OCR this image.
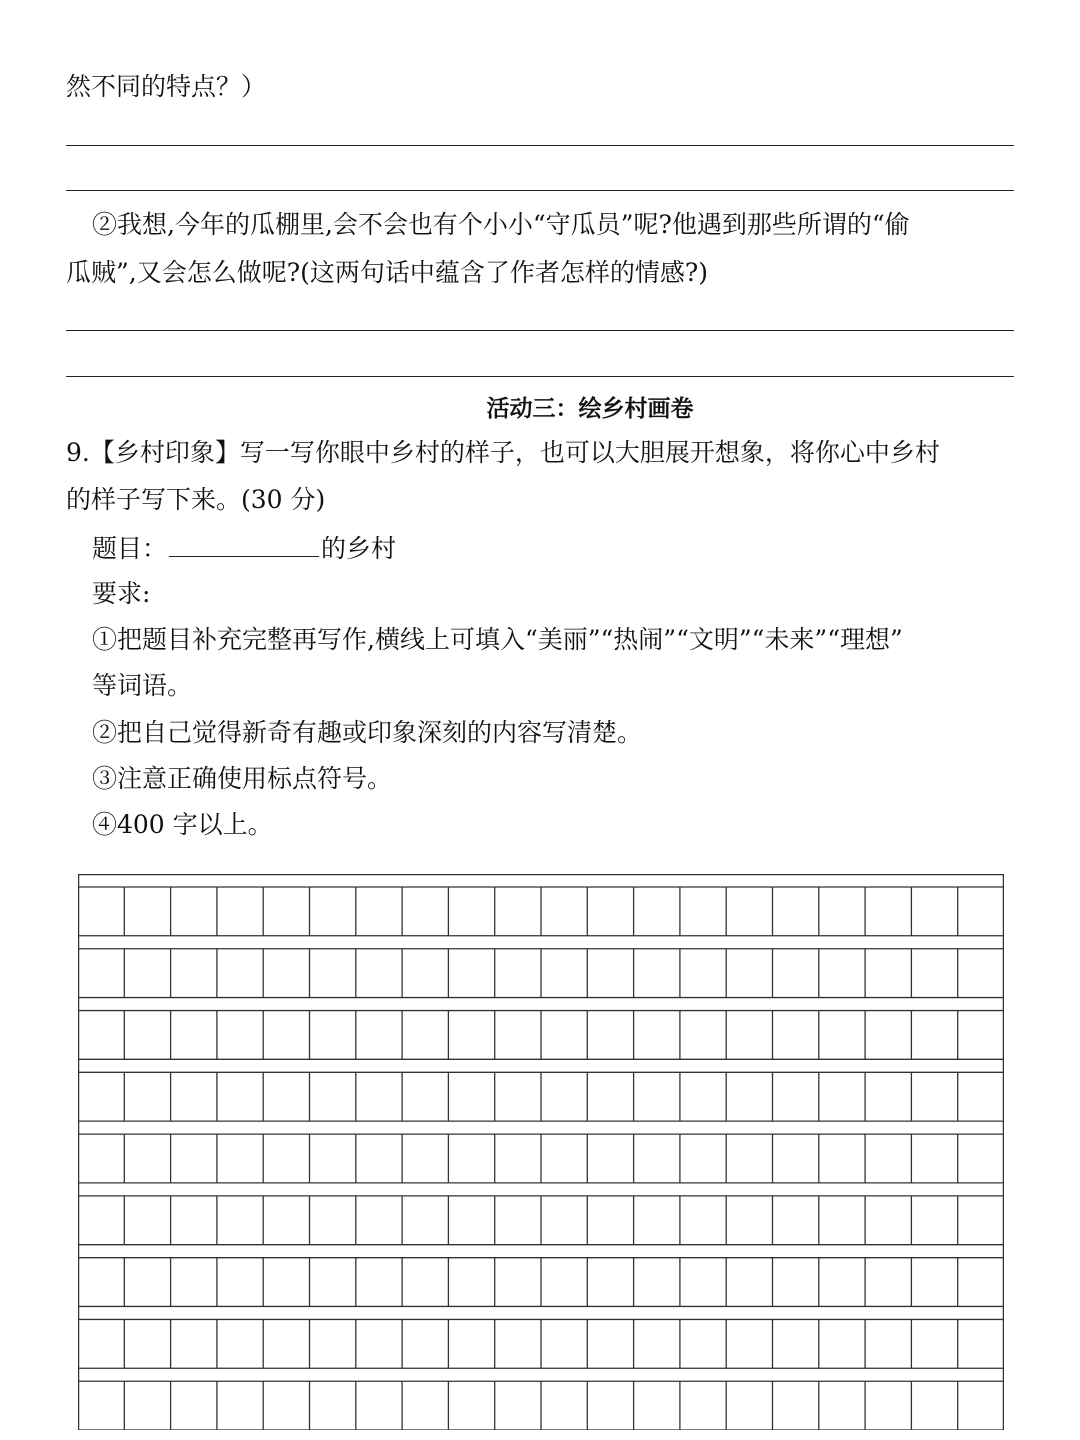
然不同的特点？）
②我想,今年的瓜棚里,会不会也有个小小“守瓜员”呢?他遇到那些所谓的“偷
瓜贼”,又会怎么做呢?(这两句话中蕴含了作者怎样的情感?)
活动三：绘乡村画卷
9.【乡村印象】写一写你眼中乡村的样子，也可以大胆展开想象，将你心中乡村
的样子写下来。(30 分)
题目：	的乡村
要求:
①把题目补充完整再写作,横线上可填入“美丽”“热闹”“文明”“未来”“理想”
等词语。
②把自己觉得新奇有趣或印象深刻的内容写清楚。
③注意正确使用标点符号。
④400 字以上。
